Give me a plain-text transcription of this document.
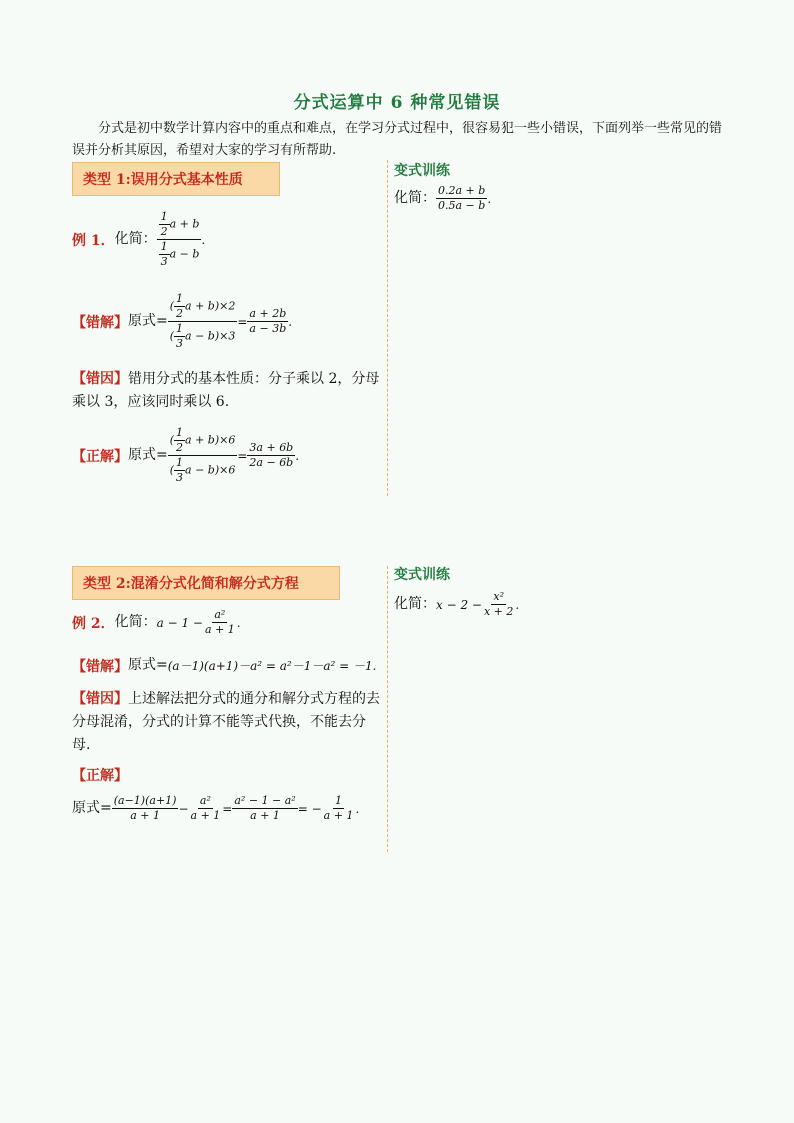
分式运算中 6 种常见错误
分式是初中数学计算内容中的重点和难点，在学习分式过程中，很容易犯一些小错误，下面列举一些常见的错误并分析其原因，希望对大家的学习有所帮助.
类型 1:误用分式基本性质
例 1． 化简： $\frac{\frac{1}{2} a + b}{\frac{1}{3} a - b}$ .
【错解】 原式= $\frac{( \frac{1}{2} a + b)\times 2}{( \frac{1}{3} a - b)\times 3} = \frac{a + 2b}{a - 3b}$ .
【错因】错用分式的基本性质：分子乘以 2，分母乘以 3，应该同时乘以 6.
【正解】 原式= $\frac{( \frac{1}{2} a + b)\times 6}{( \frac{1}{3} a - b)\times 6} = \frac{3a + 6b}{2a - 6b}$ .
变式训练
化简： $\frac{0.2a + b}{0.5a - b}$ .
类型 2:混淆分式化简和解分式方程
例 2． 化简： $a - 1 - \frac{\text{a²}}{a + 1}$ .
【错解】 原式= (a－1)(a+1)－a² = a²－1－a² = －1.
【错因】上述解法把分式的通分和解分式方程的去分母混淆，分式的计算不能等式代换，不能去分母.
【正解】
原式= $\frac{(a-1)(a+1)}{a + 1} - \frac{\text{a²}}{a + 1} = \frac{\text{a² − 1 − a²}}{a + 1}$ = − $\frac{1}{a + 1}$ .
变式训练
化简： $x - 2 - \frac{\text{x²}}{x + 2}$ .
